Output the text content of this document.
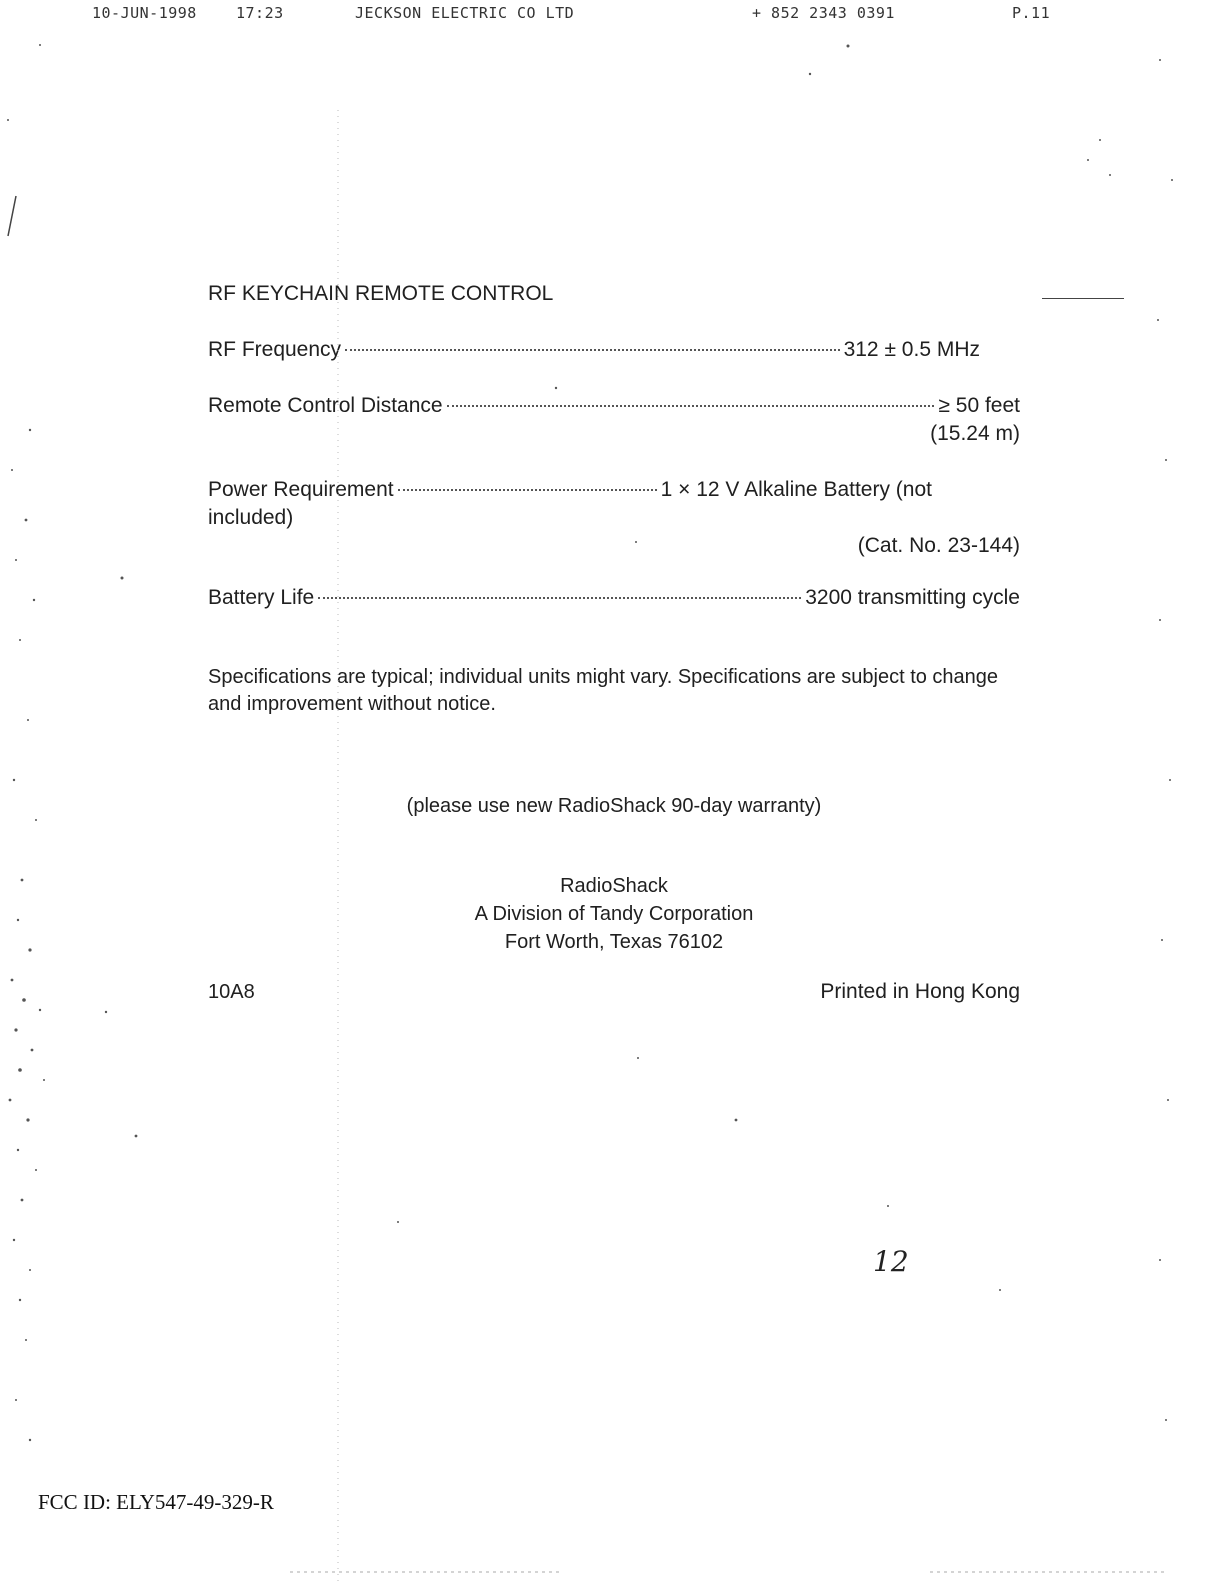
10-JUN-1998	17:23	JECKSON ELECTRIC CO LTD	+ 852 2343 0391	P.11
RF KEYCHAIN REMOTE CONTROL
RF Frequency	312 ± 0.5 MHz
Remote Control Distance	≥ 50 feet
(15.24 m)
Power Requirement	1 × 12 V Alkaline Battery (not
included)
(Cat. No. 23-144)
Battery Life	3200 transmitting cycle
Specifications are typical; individual units might vary. Specifications are subject to change and improvement without notice.
(please use new RadioShack 90-day warranty)
RadioShack
A Division of Tandy Corporation
Fort Worth, Texas 76102
10A8	Printed in Hong Kong
12
FCC ID: ELY547-49-329-R
